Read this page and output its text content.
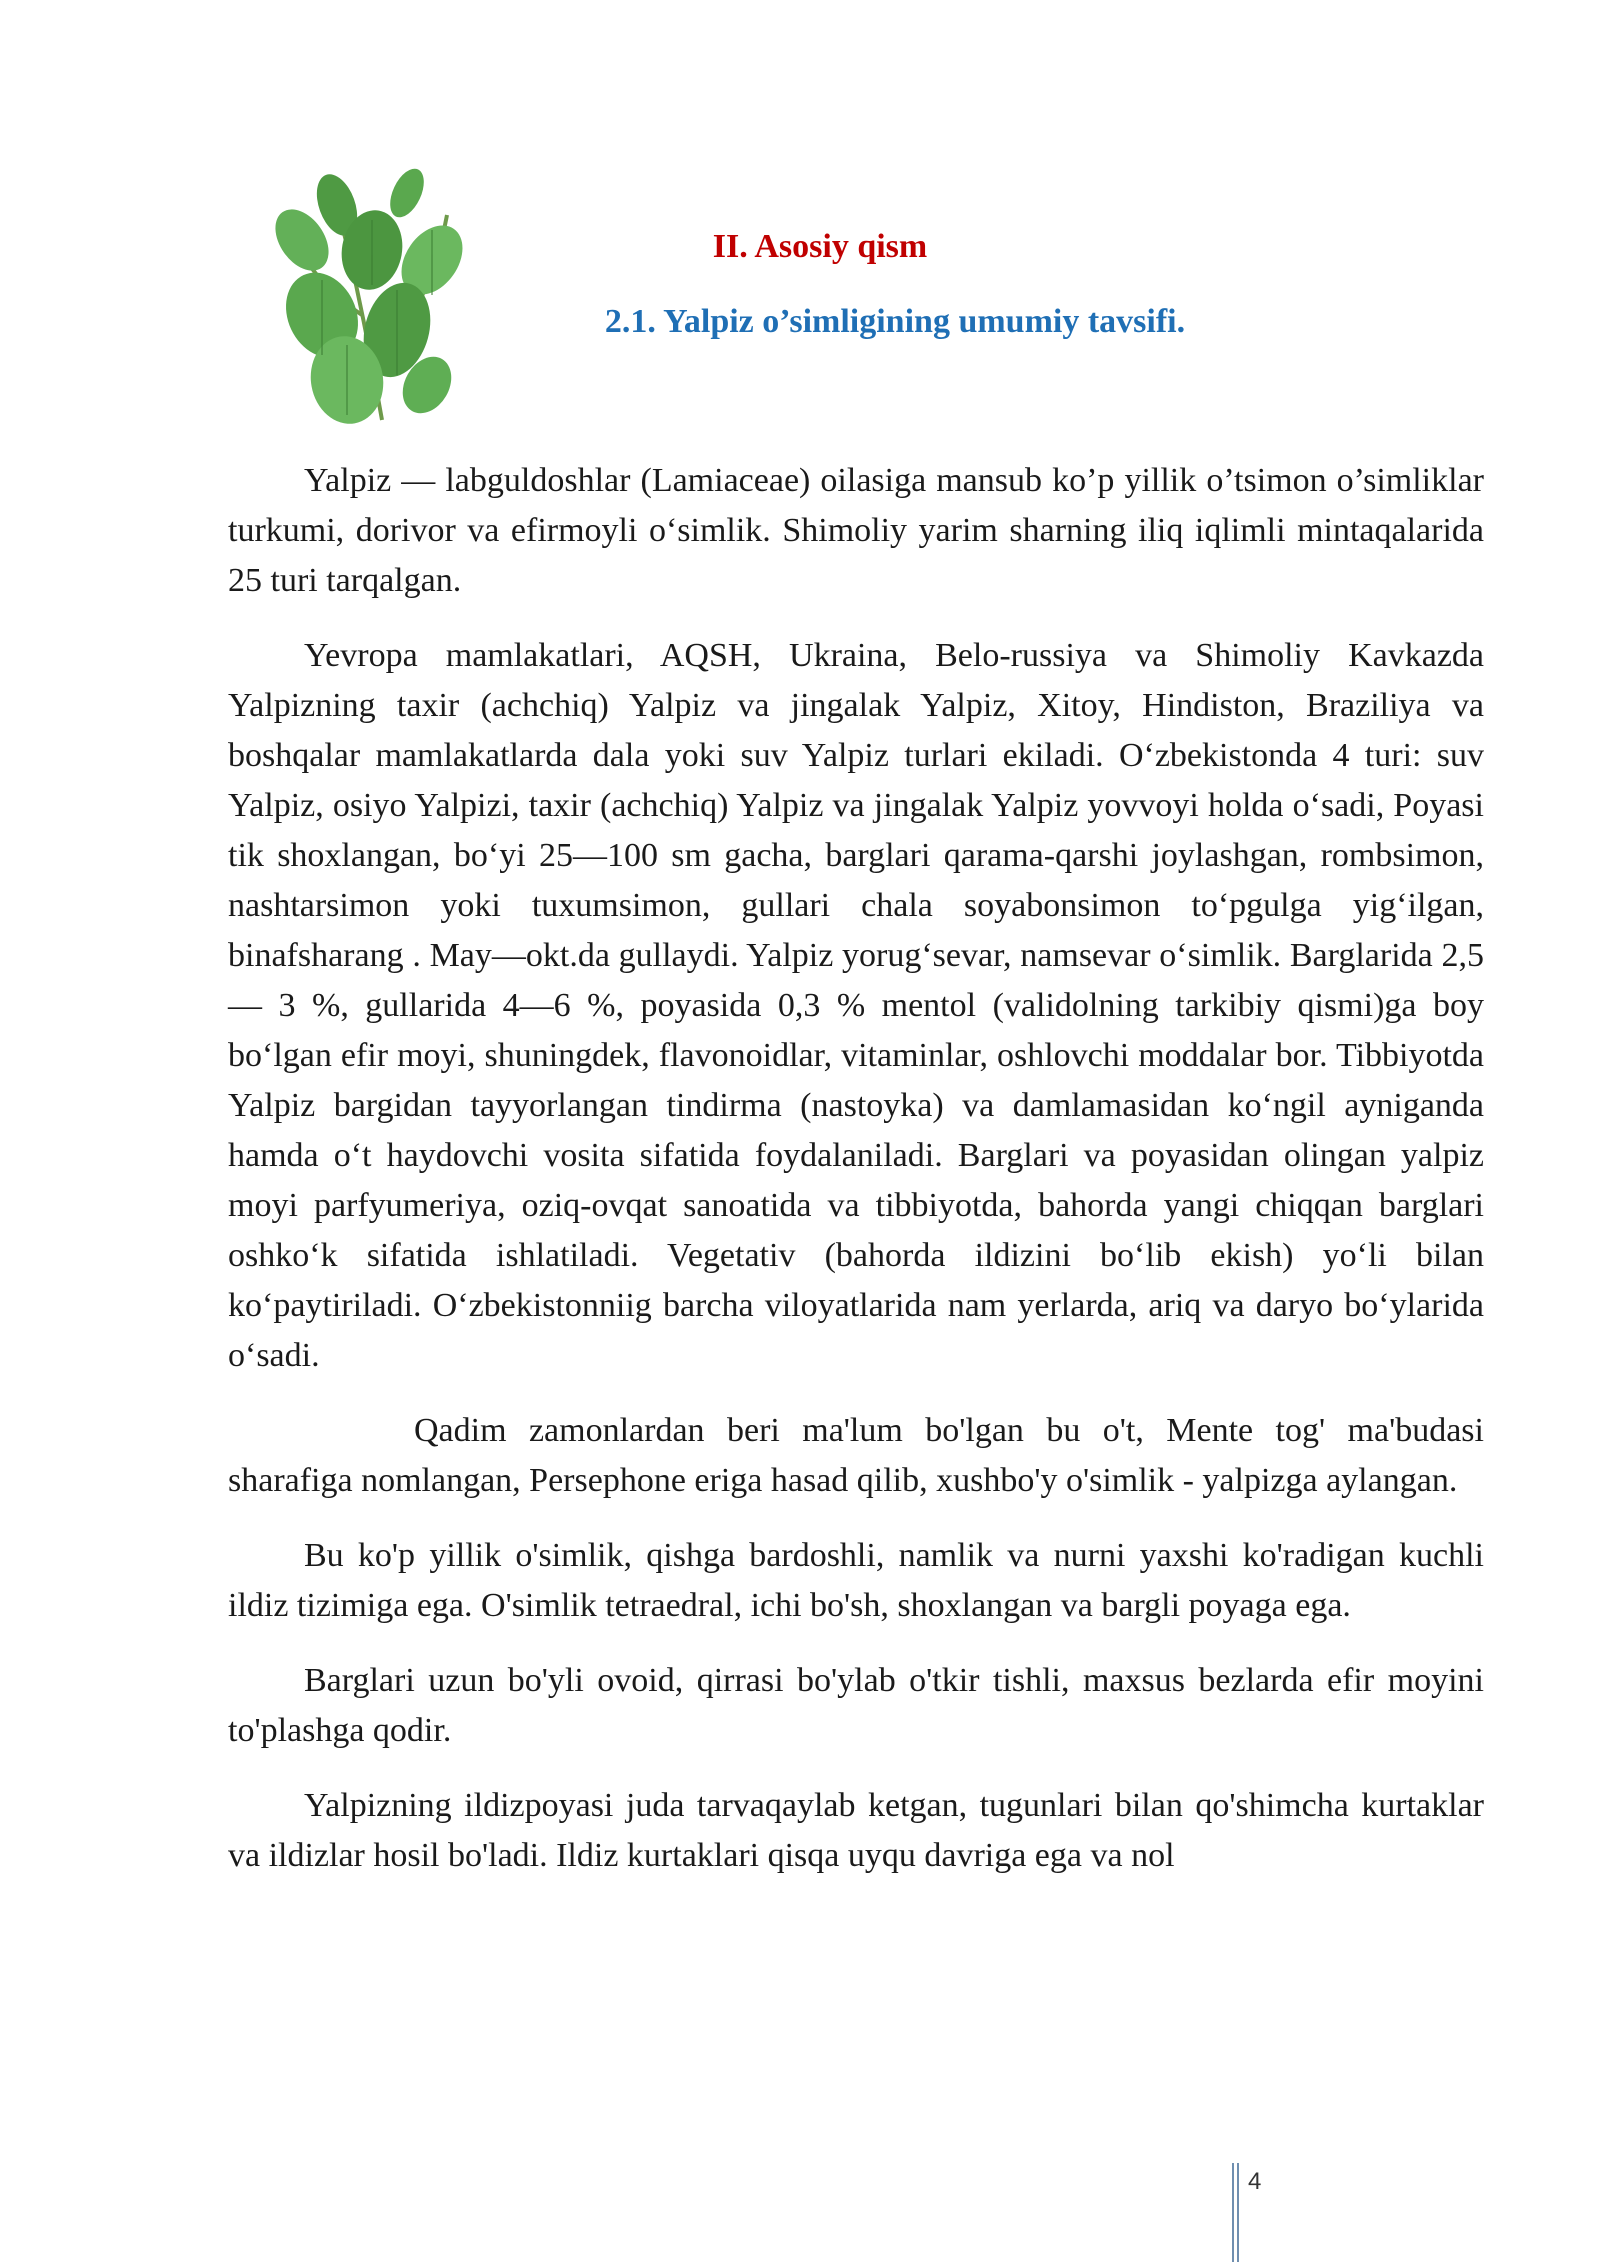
II. Asosiy qism
2.1. Yalpiz o’simligining umumiy tavsifi.

Yalpiz — labguldoshlar (Lamiaceae) oilasiga mansub ko’p yillik o’tsimon o’simliklar turkumi, dorivor va efirmoyli o‘simlik. Shimoliy yarim sharning iliq iqlimli mintaqalarida 25 turi tarqalgan.

Yevropa mamlakatlari, AQSH, Ukraina, Belo-russiya va Shimoliy Kavkazda Yalpizning taxir (achchiq) Yalpiz va jingalak Yalpiz, Xitoy, Hindiston, Braziliya va boshqalar mamlakatlarda dala yoki suv Yalpiz turlari ekiladi. O‘zbekistonda 4 turi: suv Yalpiz, osiyo Yalpizi, taxir (achchiq) Yalpiz va jingalak Yalpiz yovvoyi holda o‘sadi, Poyasi tik shoxlangan, bo‘yi 25—100 sm gacha, barglari qarama-qarshi joylashgan, rombsimon, nashtarsimon yoki tuxumsimon, gullari chala soyabonsimon to‘pgulga yig‘ilgan, binafsharang . May—okt.da gullaydi. Yalpiz yorug‘sevar, namsevar o‘simlik. Barglarida 2,5— 3 %, gullarida 4—6 %, poyasida 0,3 % mentol (validolning tarkibiy qismi)ga boy bo‘lgan efir moyi, shuningdek, flavonoidlar, vitaminlar, oshlovchi moddalar bor. Tibbiyotda Yalpiz bargidan tayyorlangan tindirma (nastoyka) va damlamasidan ko‘ngil ayniganda hamda o‘t haydovchi vosita sifatida foydalaniladi. Barglari va poyasidan olingan yalpiz moyi parfyumeriya, oziq-ovqat sanoatida va tibbiyotda, bahorda yangi chiqqan barglari oshko‘k sifatida ishlatiladi. Vegetativ (bahorda ildizini bo‘lib ekish) yo‘li bilan ko‘paytiriladi. O‘zbekistonniig barcha viloyatlarida nam yerlarda, ariq va daryo bo‘ylarida o‘sadi.

Qadim zamonlardan beri ma'lum bo'lgan bu o't, Mente tog' ma'budasi sharafiga nomlangan, Persephone eriga hasad qilib, xushbo'y o'simlik - yalpizga aylangan.

Bu ko'p yillik o'simlik, qishga bardoshli, namlik va nurni yaxshi ko'radigan kuchli ildiz tizimiga ega. O'simlik tetraedral, ichi bo'sh, shoxlangan va bargli poyaga ega.

Barglari uzun bo'yli ovoid, qirrasi bo'ylab o'tkir tishli, maxsus bezlarda efir moyini to'plashga qodir.

Yalpizning ildizpoyasi juda tarvaqaylab ketgan, tugunlari bilan qo'shimcha kurtaklar va ildizlar hosil bo'ladi. Ildiz kurtaklari qisqa uyqu davriga ega va nol

4
